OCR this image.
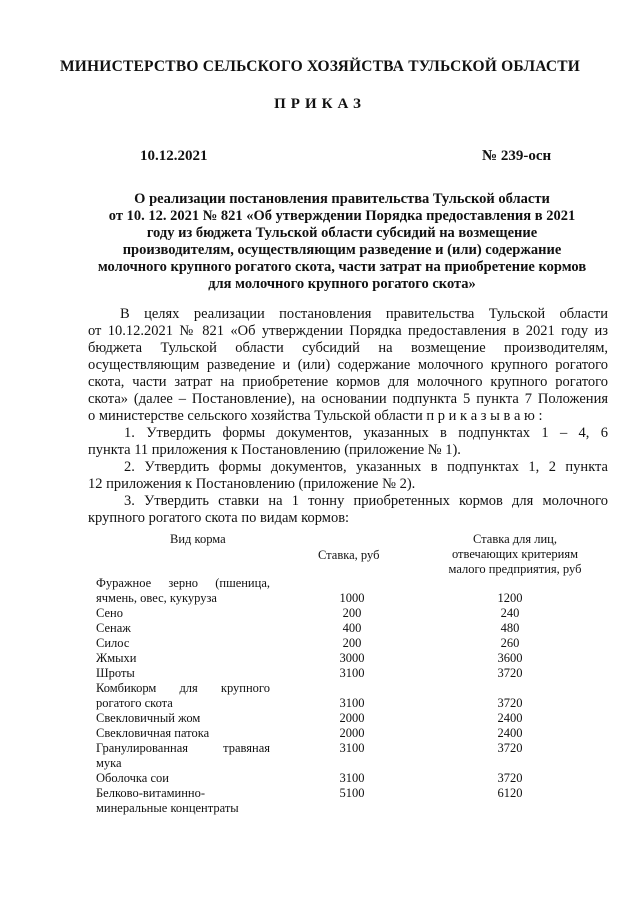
МИНИСТЕРСТВО СЕЛЬСКОГО ХОЗЯЙСТВА ТУЛЬСКОЙ ОБЛАСТИ
ПРИКАЗ
10.12.2021	№ 239-осн
О реализации постановления правительства Тульской области
от 10. 12. 2021 № 821 «Об утверждении Порядка предоставления в 2021
году из бюджета Тульской области субсидий на возмещение
производителям, осуществляющим разведение и (или) содержание
молочного крупного рогатого скота, части затрат на приобретение кормов
для молочного крупного рогатого скота»
В целях реализации постановления правительства Тульской области
от 10.12.2021 № 821 «Об утверждении Порядка предоставления в 2021 году из
бюджета Тульской области субсидий на возмещение производителям,
осуществляющим разведение и (или) содержание молочного крупного рогатого
скота, части затрат на приобретение кормов для молочного крупного рогатого
скота» (далее – Постановление), на основании подпункта 5 пункта 7 Положения
о министерстве сельского хозяйства Тульской области п р и к а з ы в а ю :
1. Утвердить формы документов, указанных в подпунктах 1 – 4, 6
пункта 11 приложения к Постановлению (приложение № 1).
2. Утвердить формы документов, указанных в подпунктах 1, 2 пункта
12 приложения к Постановлению (приложение № 2).
3. Утвердить ставки на 1 тонну приобретенных кормов для молочного
крупного рогатого скота по видам кормов:
Вид корма
Ставка, руб
Ставка для лиц,
отвечающих критериям
малого предприятия, руб
Фуражное зерно (пшеница,
ячмень, овес, кукуруза	1000	1200
Сено	200	240
Сенаж	400	480
Силос	200	260
Жмыхи	3000	3600
Шроты	3100	3720
Комбикорм для крупного
рогатого скота	3100	3720
Свекловичный жом	2000	2400
Свекловичная патока	2000	2400
Гранулированная травяная
мука
3100	3720
Оболочка сои	3100	3720
Белково-витаминно-
минеральные концентраты
5100	6120
